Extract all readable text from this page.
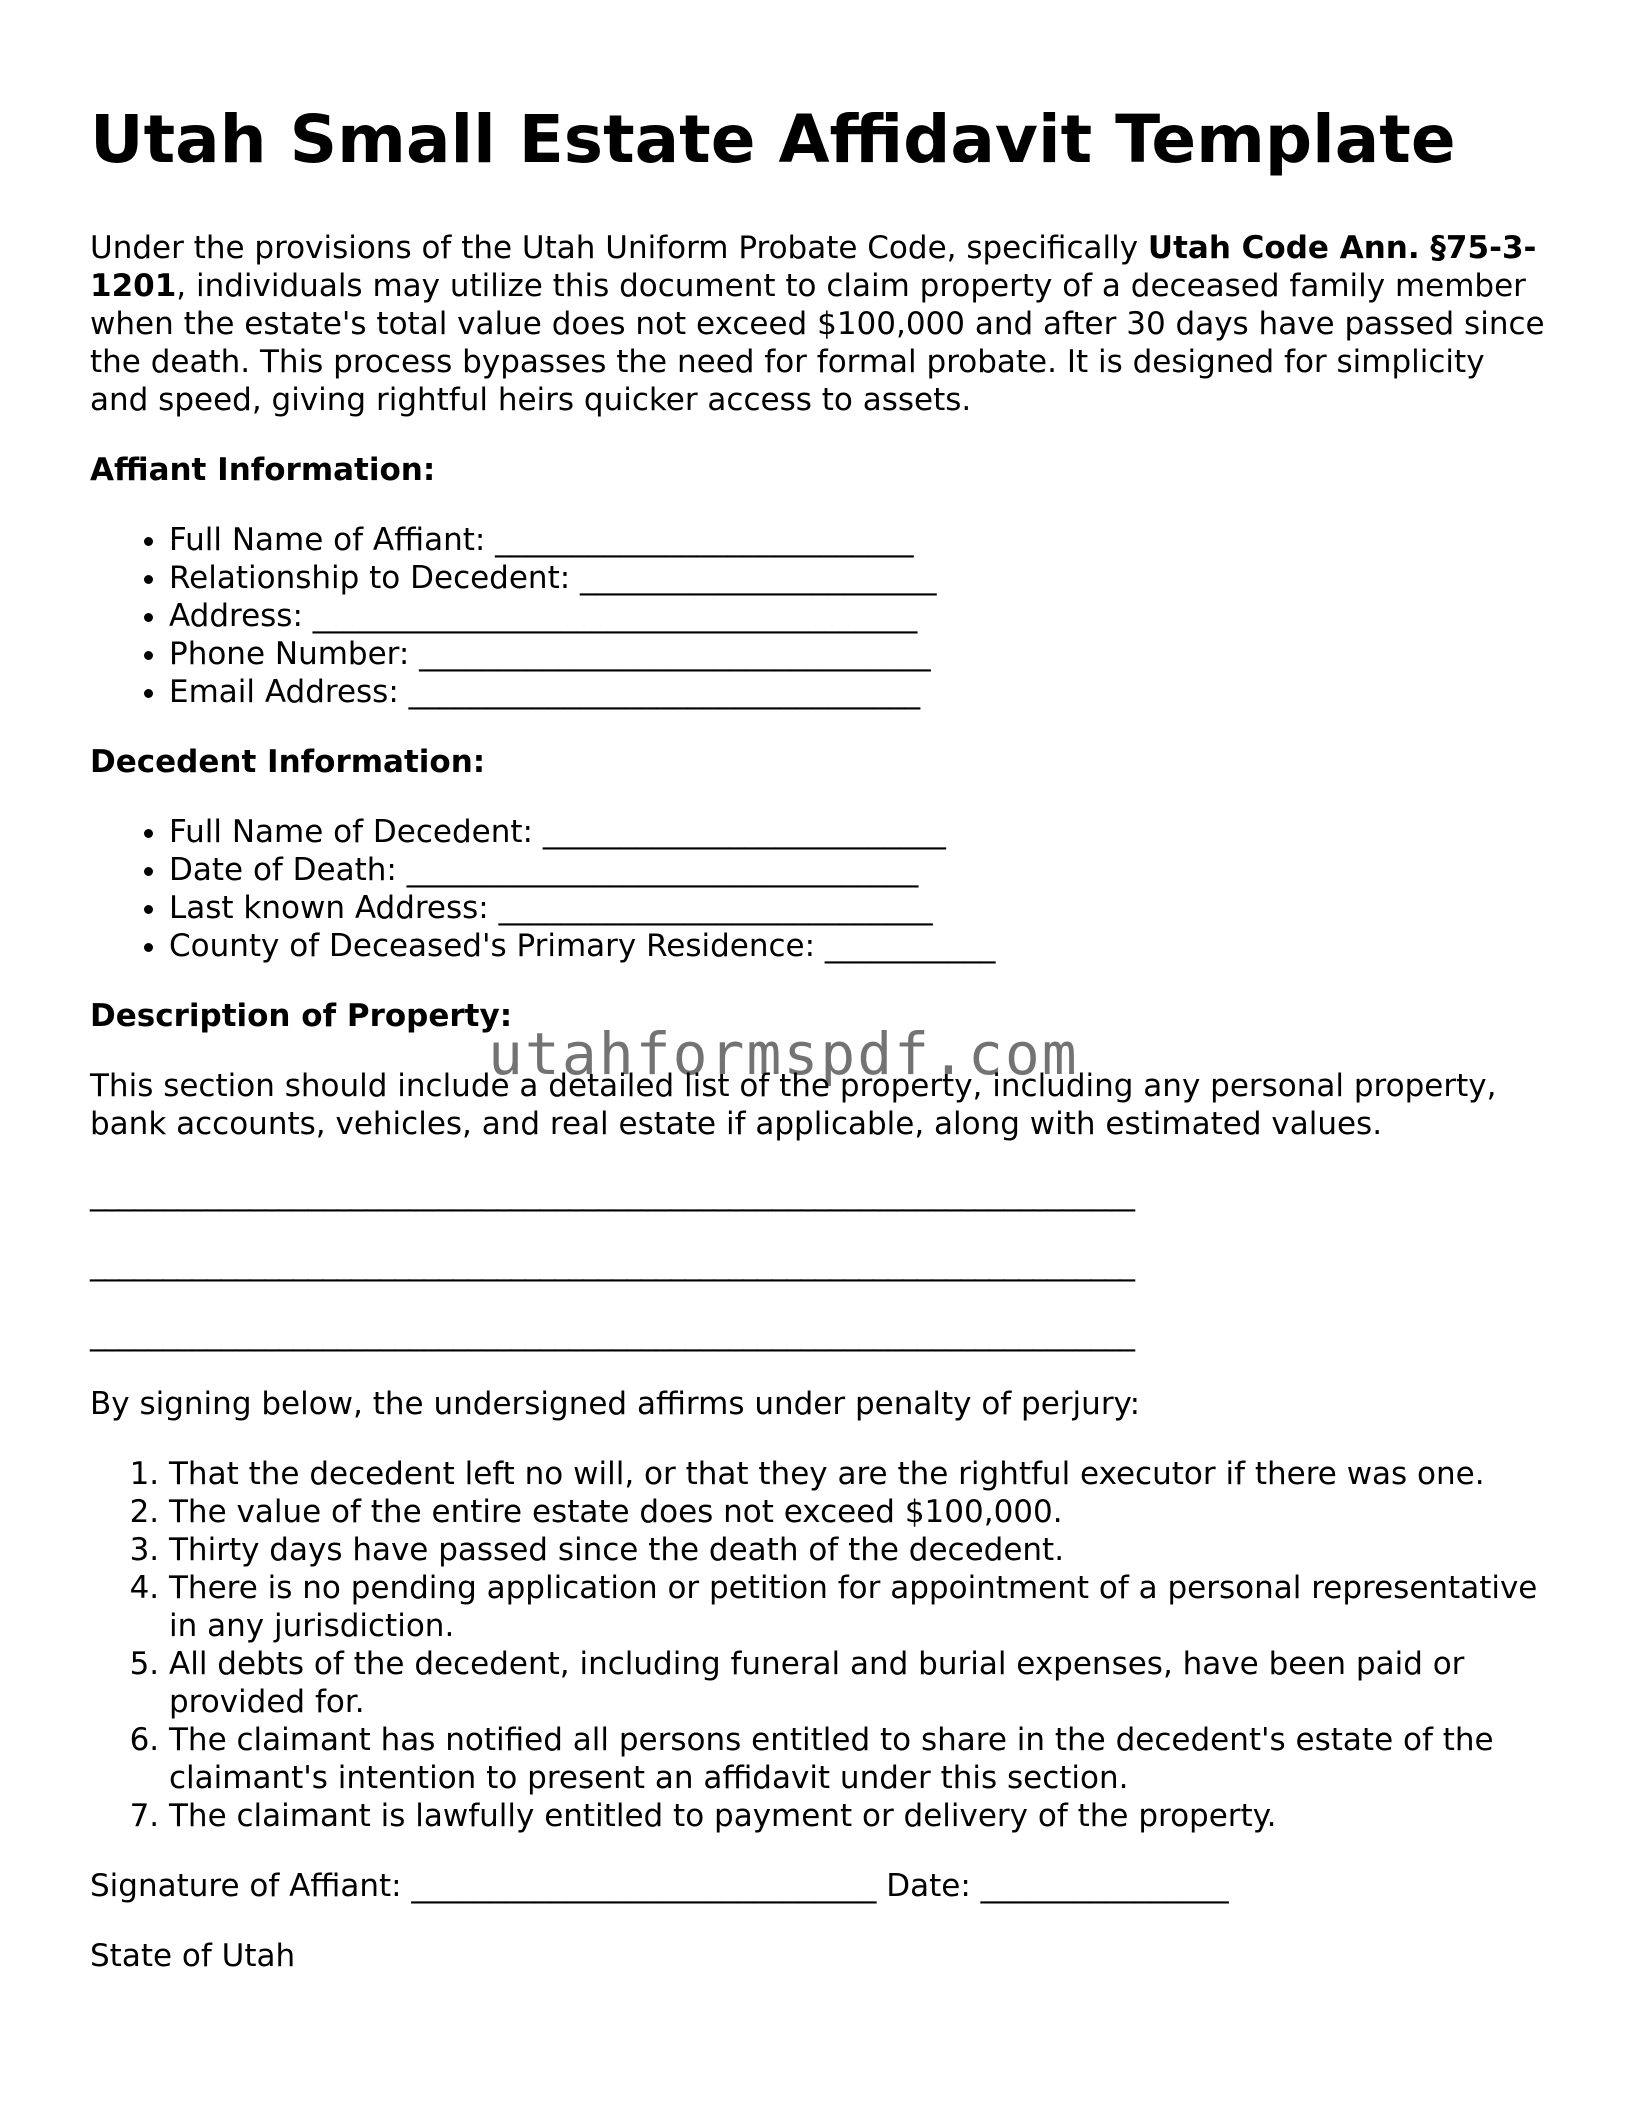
Utah Small Estate Affidavit Template
Under the provisions of the Utah Uniform Probate Code, specifically Utah Code Ann. §75-3-1201, individuals may utilize this document to claim property of a deceased family member when the estate's total value does not exceed $100,000 and after 30 days have passed since the death. This process bypasses the need for formal probate. It is designed for simplicity and speed, giving rightful heirs quicker access to assets.
Affiant Information:
• Full Name of Affiant: ___________________________
• Relationship to Decedent: _______________________
• Address: _______________________________________
• Phone Number: _________________________________
• Email Address: _________________________________
Decedent Information:
• Full Name of Decedent: __________________________
• Date of Death: _________________________________
• Last known Address: ____________________________
• County of Deceased's Primary Residence: ___________
Description of Property:
This section should include a detailed list of the property, including any personal property, bank accounts, vehicles, and real estate if applicable, along with estimated values.
________________________________________________________________________
________________________________________________________________________
________________________________________________________________________
By signing below, the undersigned affirms under penalty of perjury:
1. That the decedent left no will, or that they are the rightful executor if there was one.
2. The value of the entire estate does not exceed $100,000.
3. Thirty days have passed since the death of the decedent.
4. There is no pending application or petition for appointment of a personal representative in any jurisdiction.
5. All debts of the decedent, including funeral and burial expenses, have been paid or provided for.
6. The claimant has notified all persons entitled to share in the decedent's estate of the claimant's intention to present an affidavit under this section.
7. The claimant is lawfully entitled to payment or delivery of the property.
Signature of Affiant: ______________________________ Date: ________________
State of Utah
utahformspdf.com
